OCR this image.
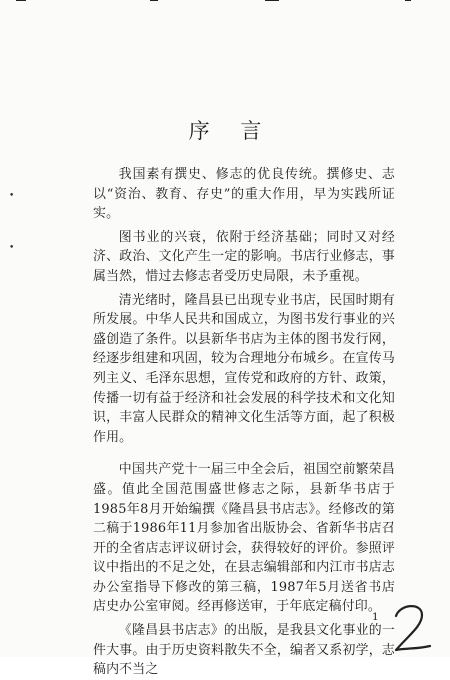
•
•
序 言

我国素有撰史、修志的优良传统。撰修史、志以“资治、教育、存史”的重大作用，早为实践所证实。

图书业的兴衰，依附于经济基础；同时又对经济、政治、文化产生一定的影响。书店行业修志，事属当然，惜过去修志者受历史局限，未予重视。

清光绪时，隆昌县已出现专业书店，民国时期有所发展。中华人民共和国成立，为图书发行事业的兴盛创造了条件。以县新华书店为主体的图书发行网，经逐步组建和巩固，较为合理地分布城乡。在宣传马列主义、毛泽东思想，宣传党和政府的方针、政策，传播一切有益于经济和社会发展的科学技术和文化知识，丰富人民群众的精神文化生活等方面，起了积极作用。

中国共产党十一届三中全会后，祖国空前繁荣昌盛。值此全国范围盛世修志之际，县新华书店于1985年8月开始编撰《隆昌县书店志》。经修改的第二稿于1986年11月参加省出版协会、省新华书店召开的全省店志评议研讨会，获得较好的评价。参照评议中指出的不足之处，在县志编辑部和内江市书店志办公室指导下修改的第三稿，1987年5月送省书店店史办公室审阅。经再修送审，于年底定稿付印。

《隆昌县书店志》的出版，是我县文化事业的一件大事。由于历史资料散失不全，编者又系初学，志稿内不当之

1
